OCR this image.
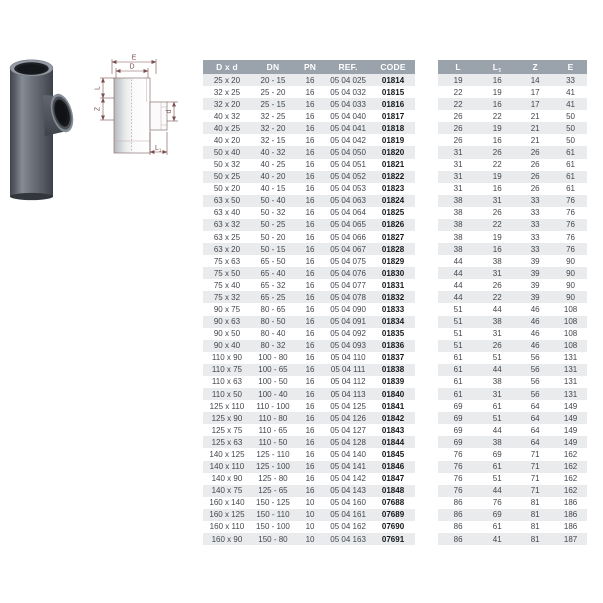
E
D
L
Z
d
$L_1$
D x d	DN	PN	REF.	CODE
25 x 20	20 - 15	16	05 04 025	01814
32 x 25	25 - 20	16	05 04 032	01815
32 x 20	25 - 15	16	05 04 033	01816
40 x 32	32 - 25	16	05 04 040	01817
40 x 25	32 - 20	16	05 04 041	01818
40 x 20	32 - 15	16	05 04 042	01819
50 x 40	40 - 32	16	05 04 050	01820
50 x 32	40 - 25	16	05 04 051	01821
50 x 25	40 - 20	16	05 04 052	01822
50 x 20	40 - 15	16	05 04 053	01823
63 x 50	50 - 40	16	05 04 063	01824
63 x 40	50 - 32	16	05 04 064	01825
63 x 32	50 - 25	16	05 04 065	01826
63 x 25	50 - 20	16	05 04 066	01827
63 x 20	50 - 15	16	05 04 067	01828
75 x 63	65 - 50	16	05 04 075	01829
75 x 50	65 - 40	16	05 04 076	01830
75 x 40	65 - 32	16	05 04 077	01831
75 x 32	65 - 25	16	05 04 078	01832
90 x 75	80 - 65	16	05 04 090	01833
90 x 63	80 - 50	16	05 04 091	01834
90 x 50	80 - 40	16	05 04 092	01835
90 x 40	80 - 32	16	05 04 093	01836
110 x 90	100 - 80	16	05 04 110	01837
110 x 75	100 - 65	16	05 04 111	01838
110 x 63	100 - 50	16	05 04 112	01839
110 x 50	100 - 40	16	05 04 113	01840
125 x 110	110 - 100	16	05 04 125	01841
125 x 90	110 - 80	16	05 04 126	01842
125 x 75	110 - 65	16	05 04 127	01843
125 x 63	110 - 50	16	05 04 128	01844
140 x 125	125 - 110	16	05 04 140	01845
140 x 110	125 - 100	16	05 04 141	01846
140 x 90	125 - 80	16	05 04 142	01847
140 x 75	125 - 65	16	05 04 143	01848
160 x 140	150 - 125	10	05 04 160	07688
160 x 125	150 - 110	10	05 04 161	07689
160 x 110	150 - 100	10	05 04 162	07690
160 x 90	150 - 80	10	05 04 163	07691
L	$L_1$	Z	E
19	16	14	33
22	19	17	41
22	16	17	41
26	22	21	50
26	19	21	50
26	16	21	50
31	26	26	61
31	22	26	61
31	19	26	61
31	16	26	61
38	31	33	76
38	26	33	76
38	22	33	76
38	19	33	76
38	16	33	76
44	38	39	90
44	31	39	90
44	26	39	90
44	22	39	90
51	44	46	108
51	38	46	108
51	31	46	108
51	26	46	108
61	51	56	131
61	44	56	131
61	38	56	131
61	31	56	131
69	61	64	149
69	51	64	149
69	44	64	149
69	38	64	149
76	69	71	162
76	61	71	162
76	51	71	162
76	44	71	162
86	76	81	186
86	69	81	186
86	61	81	186
86	41	81	187
